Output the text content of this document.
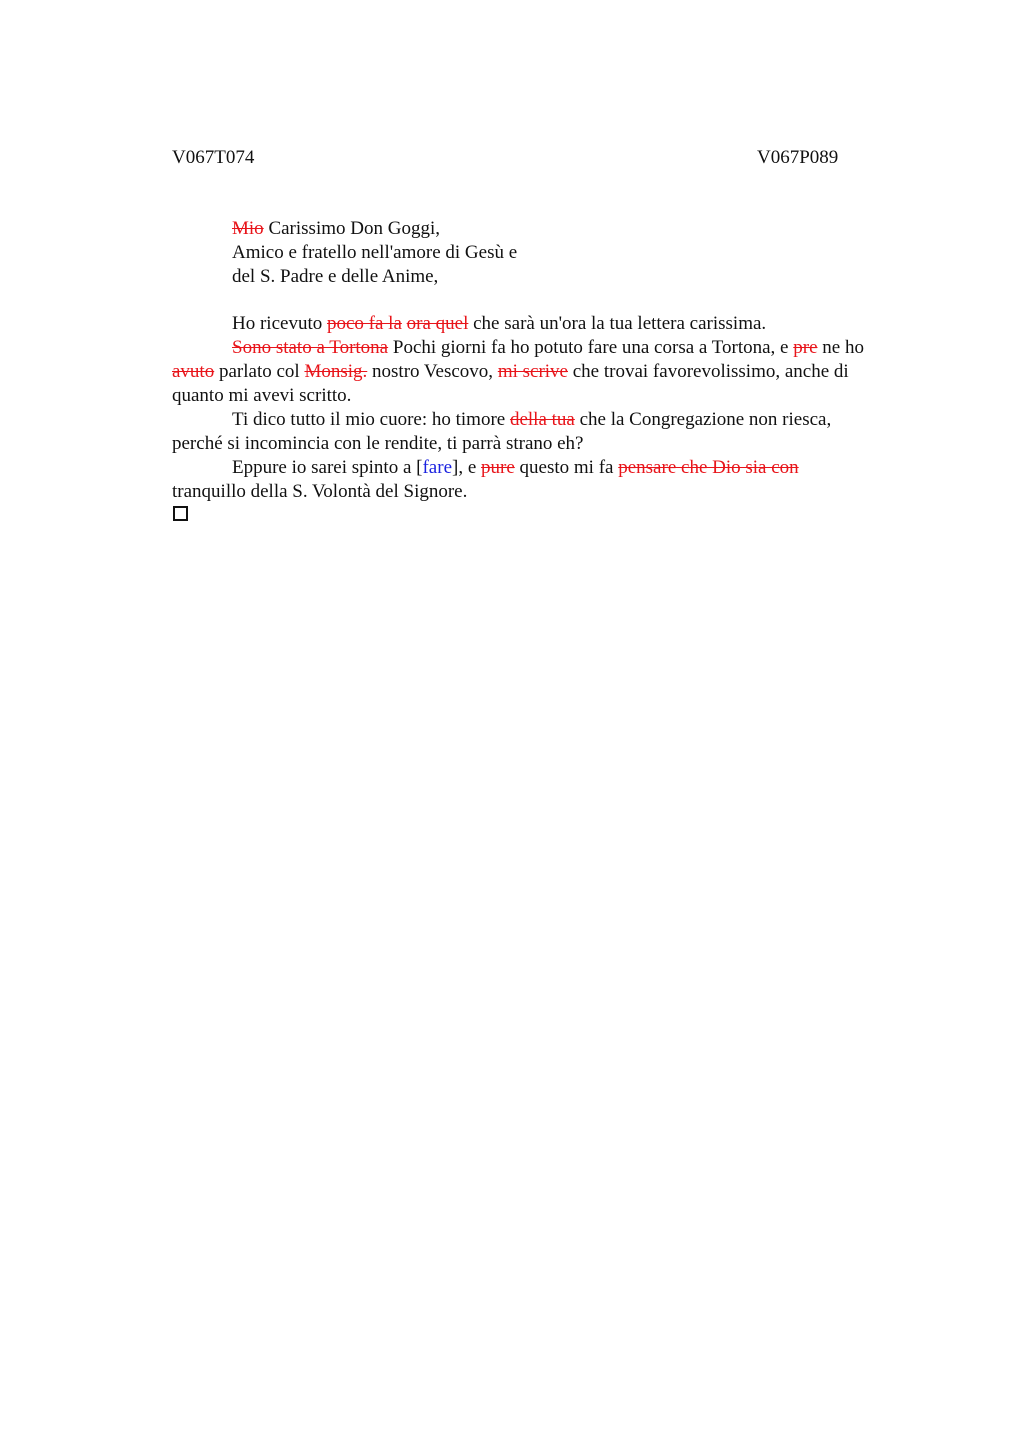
V067T074	V067P089
Mio Carissimo Don Goggi,
Amico e fratello nell'amore di Gesù e
del S. Padre e delle Anime,
Ho ricevuto poco fa la ora quel che sarà un'ora la tua lettera carissima.
Sono stato a Tortona Pochi giorni fa ho potuto fare una corsa a Tortona, e pre ne ho
avuto parlato col Monsig. nostro Vescovo, mi scrive che trovai favorevolissimo, anche di
quanto mi avevi scritto.
Ti dico tutto il mio cuore: ho timore della tua che la Congregazione non riesca,
perché si incomincia con le rendite, ti parrà strano eh?
Eppure io sarei spinto a [fare], e pure questo mi fa pensare che Dio sia con
tranquillo della S. Volontà del Signore.
